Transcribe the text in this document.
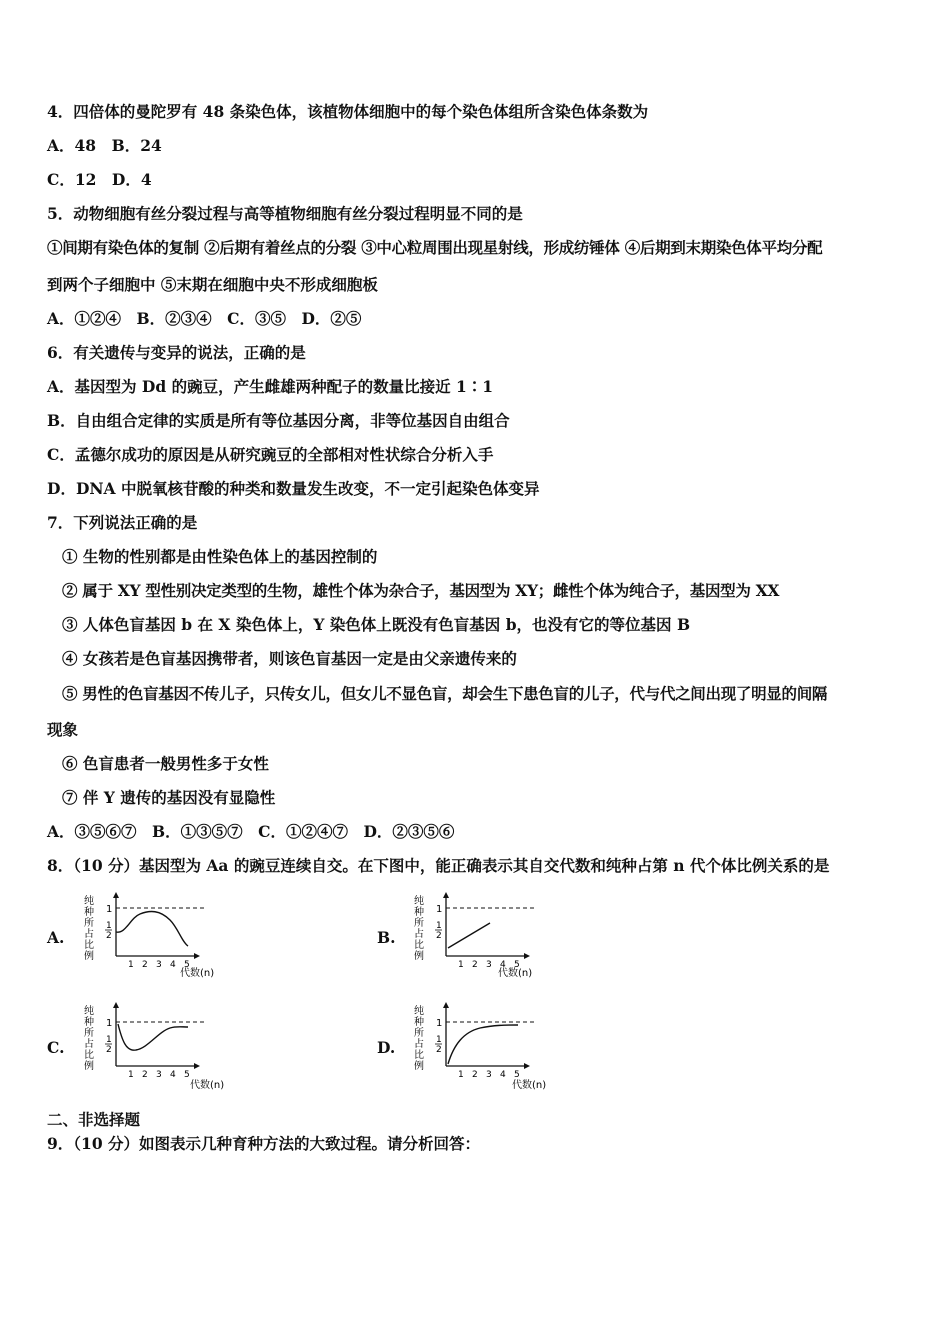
4．四倍体的曼陀罗有 48 条染色体，该植物体细胞中的每个染色体组所含染色体条数为
A．48　B．24
C．12　D．4
5．动物细胞有丝分裂过程与高等植物细胞有丝分裂过程明显不同的是
①间期有染色体的复制 ②后期有着丝点的分裂 ③中心粒周围出现星射线，形成纺锤体 ④后期到末期染色体平均分配
到两个子细胞中 ⑤末期在细胞中央不形成细胞板
A．①②④　B．②③④　C．③⑤　D．②⑤
6．有关遗传与变异的说法，正确的是
A．基因型为 Dd 的豌豆，产生雌雄两种配子的数量比接近 1∶1
B．自由组合定律的实质是所有等位基因分离，非等位基因自由组合
C．孟德尔成功的原因是从研究豌豆的全部相对性状综合分析入手
D．DNA 中脱氧核苷酸的种类和数量发生改变，不一定引起染色体变异
7．下列说法正确的是
① 生物的性别都是由性染色体上的基因控制的
② 属于 XY 型性别决定类型的生物，雄性个体为杂合子，基因型为 XY；雌性个体为纯合子，基因型为 XX
③ 人体色盲基因 b 在 X 染色体上，Y 染色体上既没有色盲基因 b，也没有它的等位基因 B
④ 女孩若是色盲基因携带者，则该色盲基因一定是由父亲遗传来的
⑤ 男性的色盲基因不传儿子，只传女儿，但女儿不显色盲，却会生下患色盲的儿子，代与代之间出现了明显的间隔
现象
⑥ 色盲患者一般男性多于女性
⑦ 伴 Y 遗传的基因没有显隐性
A．③⑤⑥⑦　B．①③⑤⑦　C．①②④⑦　D．②③⑤⑥
8．（10 分）基因型为 Aa 的豌豆连续自交。在下图中，能正确表示其自交代数和纯种占第 n 代个体比例关系的是
A.	B.
C.	D.
纯
种
所
占
比
例
1
1
2
1 2 3 4 5
代数(n)
纯
种
所
占
比
例
1
1
2
1 2 3 4 5
代数(n)
纯
种
所
占
比
例
1
1
2
1 2 3 4 5
代数(n)
纯
种
所
占
比
例
1
1
2
1 2 3 4 5
代数(n)
二、非选择题
9．（10 分）如图表示几种育种方法的大致过程。请分析回答：
